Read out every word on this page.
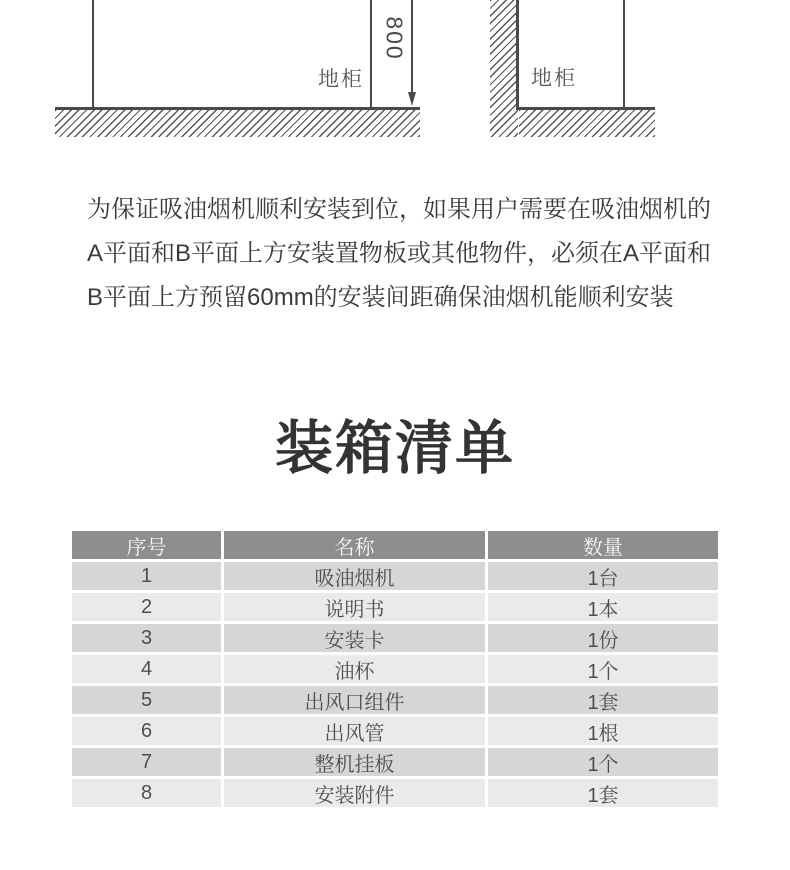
800
地柜	地柜
为保证吸油烟机顺利安装到位，如果用户需要在吸油烟机的
A平面和B平面上方安装置物板或其他物件，必须在A平面和
B平面上方预留60mm的安装间距确保油烟机能顺利安装
装箱清单
序号	名称	数量
1	吸油烟机	1台
2	说明书	1本
3	安装卡	1份
4	油杯	1个
5	出风口组件	1套
6	出风管	1根
7	整机挂板	1个
8	安装附件	1套
